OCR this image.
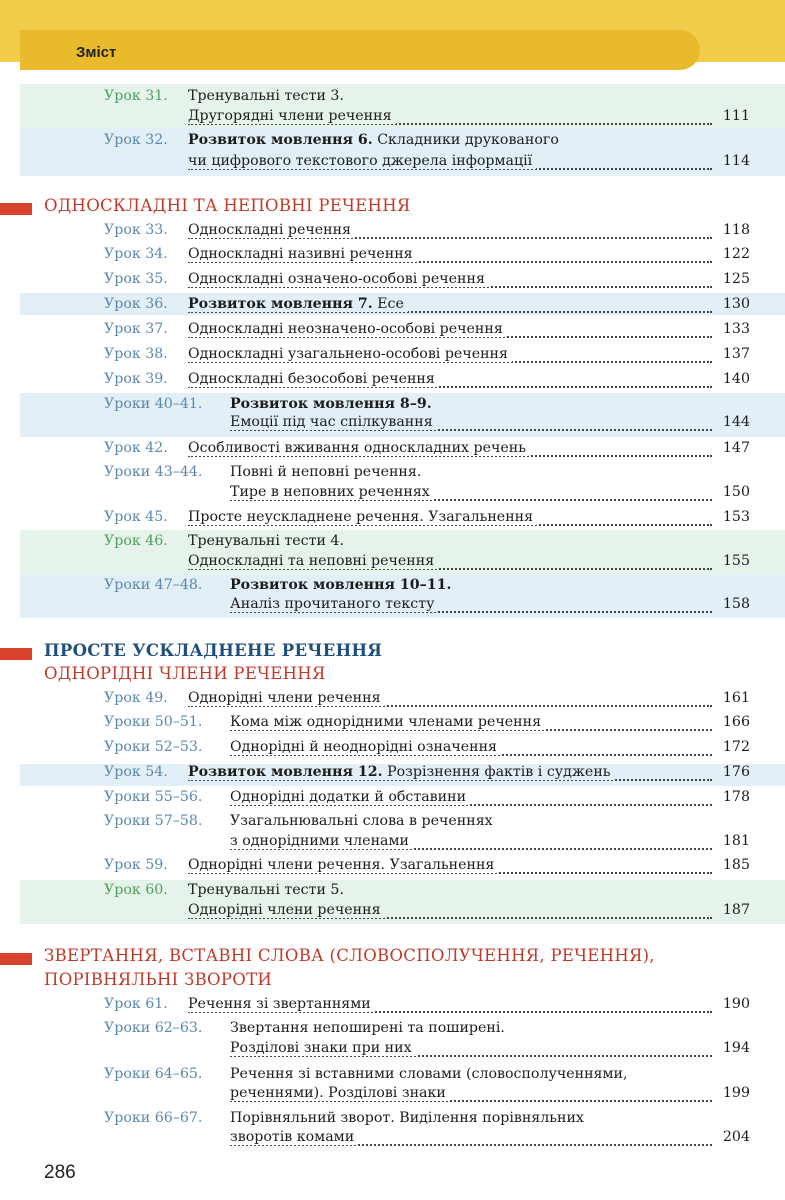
Зміст
ОДНОСКЛАДНІ ТА НЕПОВНІ РЕЧЕННЯ
ПРОСТЕ УСКЛАДНЕНЕ РЕЧЕННЯ
ОДНОРІДНІ ЧЛЕНИ РЕЧЕННЯ
ЗВЕРТАННЯ, ВСТАВНІ СЛОВА (СЛОВОСПОЛУЧЕННЯ, РЕЧЕННЯ),
ПОРІВНЯЛЬНІ ЗВОРОТИ
Урок 31. Тренувальні тести 3.
Другорядні члени речення	111
Урок 32. Розвиток мовлення 6. Складники друкованого
чи цифрового текстового джерела інформації	114
Урок 33. Односкладні речення	118
Урок 34. Односкладні називні речення	122
Урок 35. Односкладні означено-особові речення	125
Урок 36. Розвиток мовлення 7. Есе	130
Урок 37. Односкладні неозначено-особові речення	133
Урок 38. Односкладні узагальнено-особові речення	137
Урок 39. Односкладні безособові речення	140
Уроки 40–41. Розвиток мовлення 8–9.
Емоції під час спілкування	144
Урок 42. Особливості вживання односкладних речень	147
Уроки 43–44. Повні й неповні речення.
Тире в неповних реченнях	150
Урок 45. Просте неускладнене речення. Узагальнення	153
Урок 46. Тренувальні тести 4.
Односкладні та неповні речення	155
Уроки 47–48. Розвиток мовлення 10–11.
Аналіз прочитаного тексту	158
Урок 49. Однорідні члени речення	161
Уроки 50–51. Кома між однорідними членами речення	166
Уроки 52–53. Однорідні й неоднорідні означення	172
Урок 54. Розвиток мовлення 12. Розрізнення фактів і суджень	176
Уроки 55–56. Однорідні додатки й обставини	178
Уроки 57–58. Узагальнювальні слова в реченнях
з однорідними членами	181
Урок 59. Однорідні члени речення. Узагальнення	185
Урок 60. Тренувальні тести 5.
Однорідні члени речення	187
Урок 61. Речення зі звертаннями	190
Уроки 62–63. Звертання непоширені та поширені.
Розділові знаки при них	194
Уроки 64–65. Речення зі вставними словами (словосполученнями,
реченнями). Розділові знаки	199
Уроки 66–67. Порівняльний зворот. Виділення порівняльних
зворотів комами	204
286
